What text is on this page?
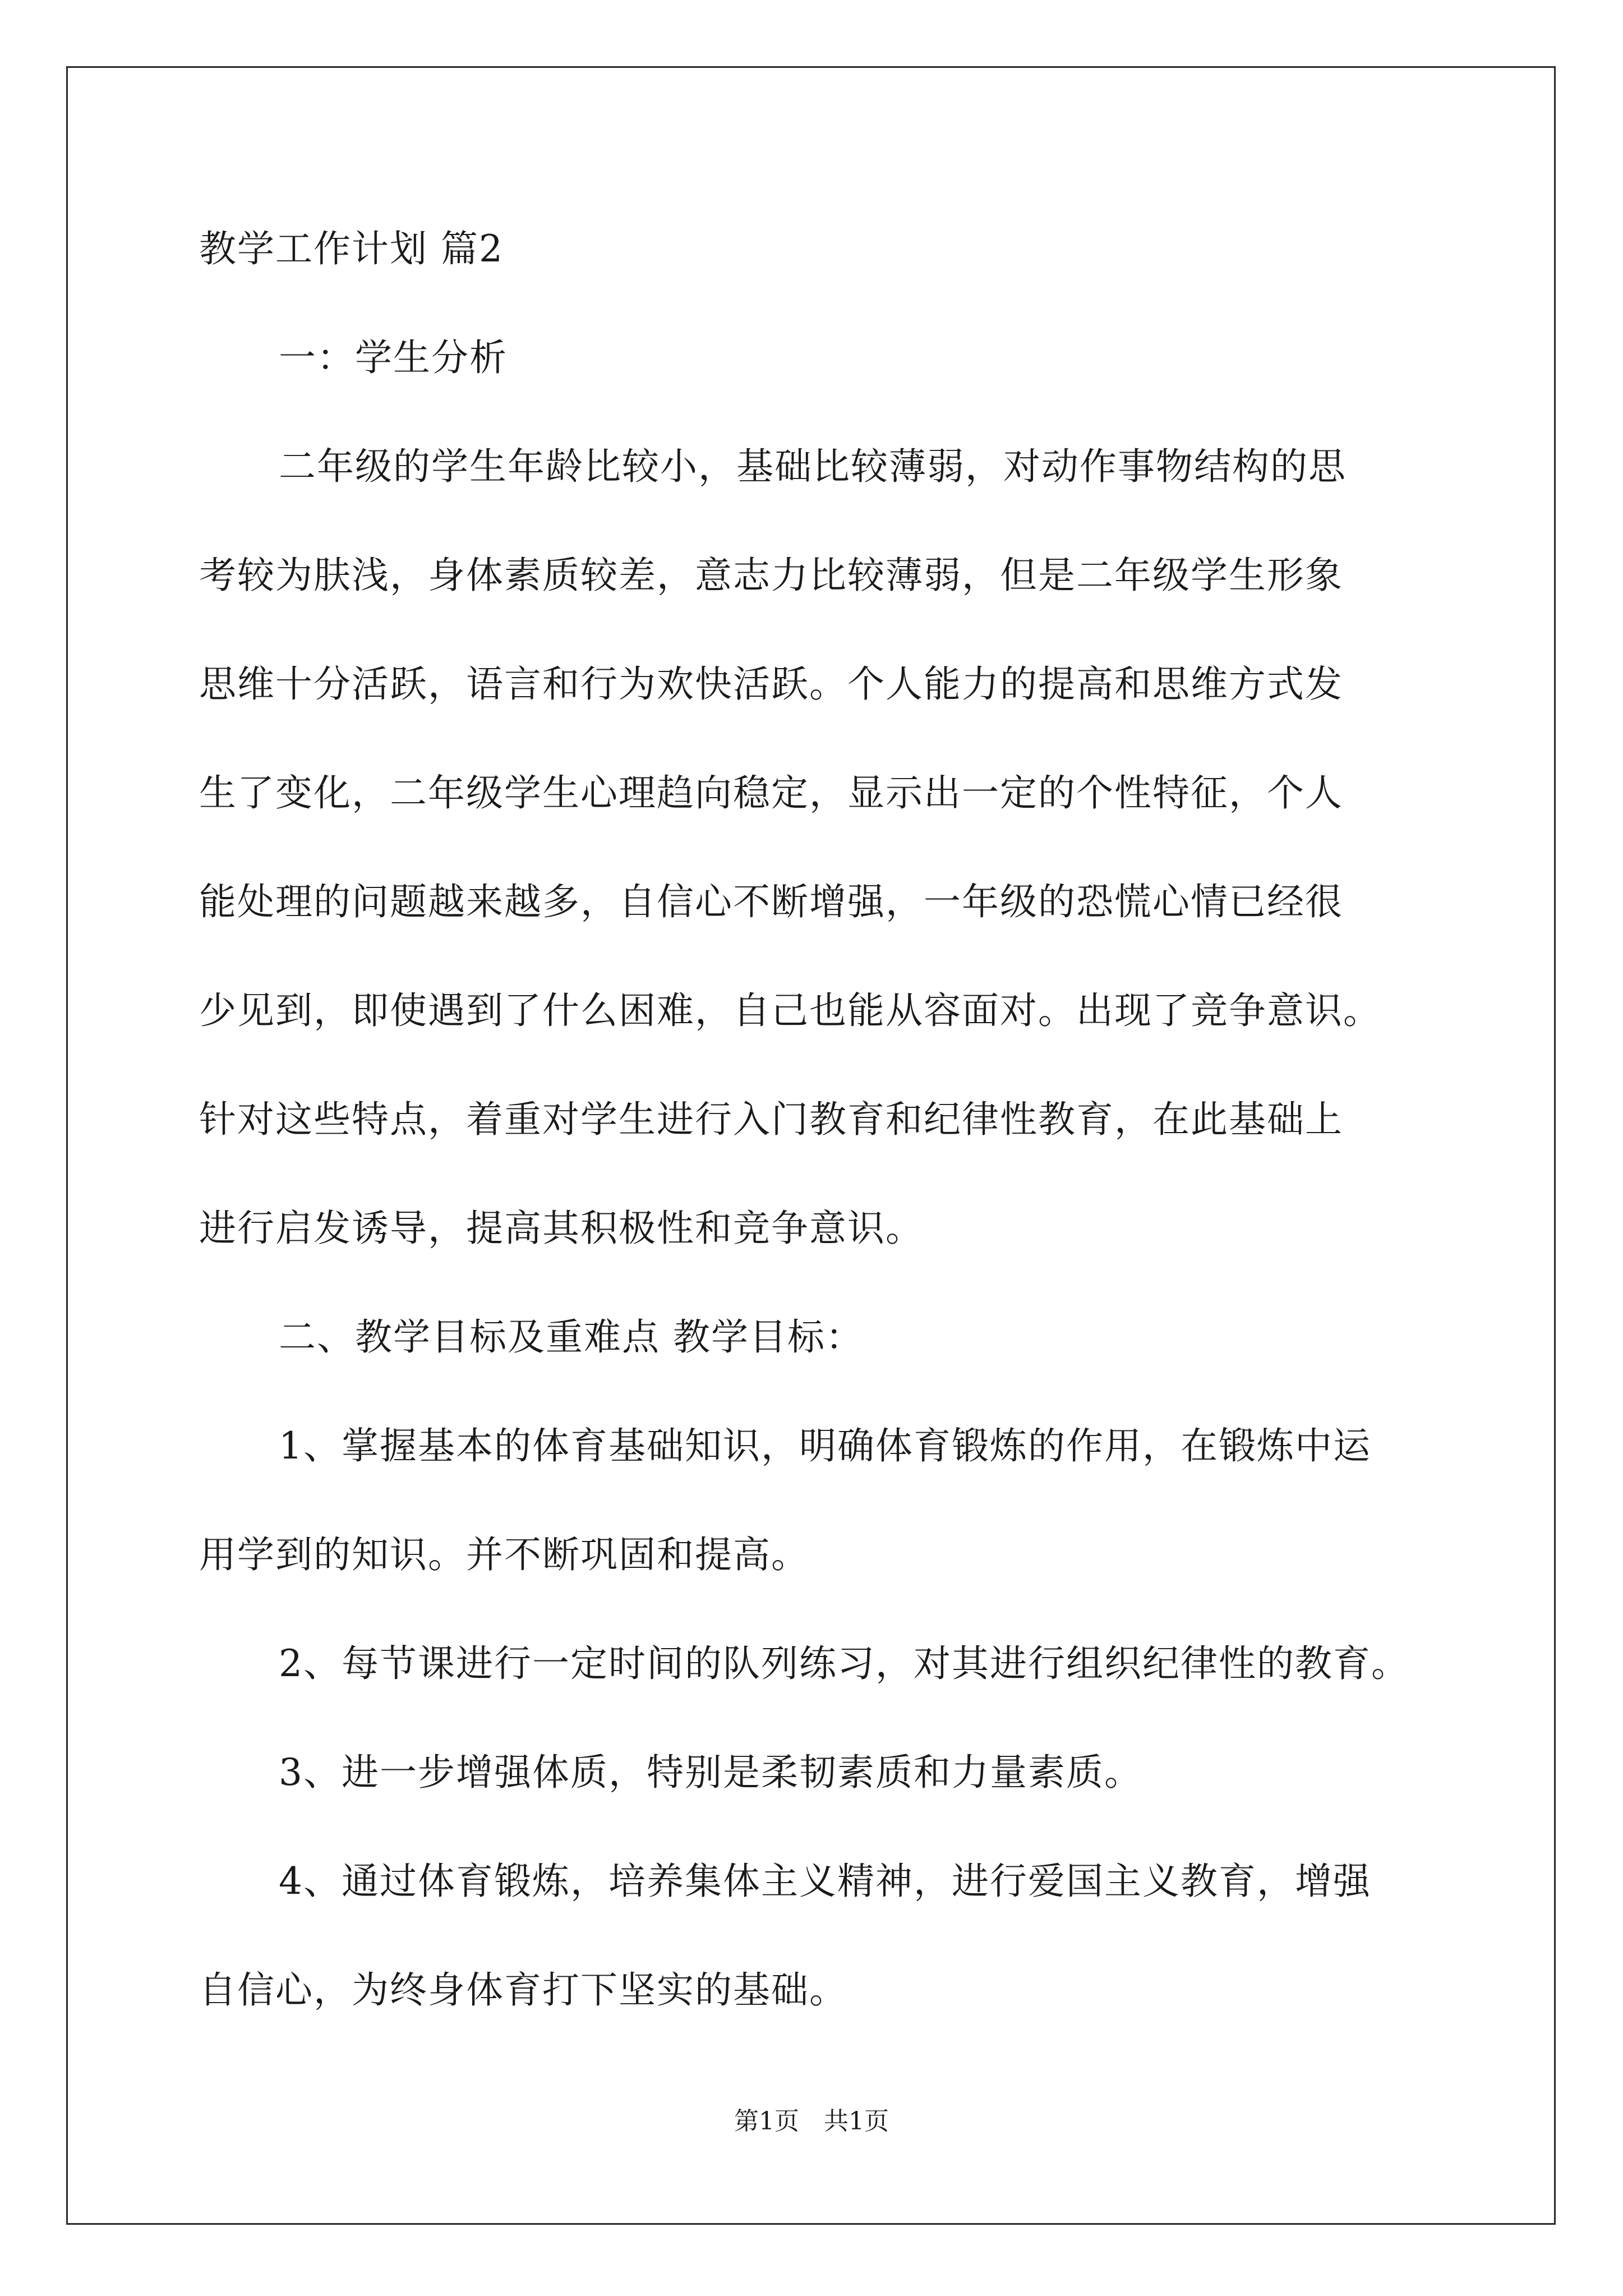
教学工作计划 篇2
一：学生分析
二年级的学生年龄比较小，基础比较薄弱，对动作事物结构的思
考较为肤浅，身体素质较差，意志力比较薄弱，但是二年级学生形象
思维十分活跃，语言和行为欢快活跃。个人能力的提高和思维方式发
生了变化，二年级学生心理趋向稳定，显示出一定的个性特征，个人
能处理的问题越来越多，自信心不断增强，一年级的恐慌心情已经很
少见到，即使遇到了什么困难，自己也能从容面对。出现了竞争意识。
针对这些特点，着重对学生进行入门教育和纪律性教育，在此基础上
进行启发诱导，提高其积极性和竞争意识。
二、教学目标及重难点 教学目标：
1、掌握基本的体育基础知识，明确体育锻炼的作用，在锻炼中运
用学到的知识。并不断巩固和提高。
2、每节课进行一定时间的队列练习，对其进行组织纪律性的教育。
3、进一步增强体质，特别是柔韧素质和力量素质。
4、通过体育锻炼，培养集体主义精神，进行爱国主义教育，增强
自信心，为终身体育打下坚实的基础。
第1页　共1页
